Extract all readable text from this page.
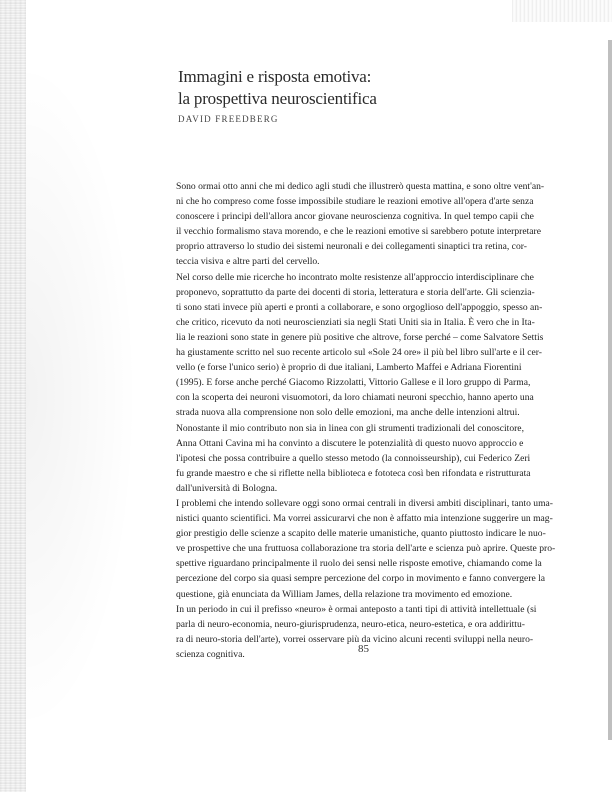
Immagini e risposta emotiva:
la prospettiva neuroscientifica
DAVID FREEDBERG
Sono ormai otto anni che mi dedico agli studi che illustrerò questa mattina, e sono oltre vent'an-
ni che ho compreso come fosse impossibile studiare le reazioni emotive all'opera d'arte senza
conoscere i principi dell'allora ancor giovane neuroscienza cognitiva. In quel tempo capii che
il vecchio formalismo stava morendo, e che le reazioni emotive si sarebbero potute interpretare
proprio attraverso lo studio dei sistemi neuronali e dei collegamenti sinaptici tra retina, cor-
teccia visiva e altre parti del cervello.
Nel corso delle mie ricerche ho incontrato molte resistenze all'approccio interdisciplinare che
proponevo, soprattutto da parte dei docenti di storia, letteratura e storia dell'arte. Gli scienzia-
ti sono stati invece più aperti e pronti a collaborare, e sono orgoglioso dell'appoggio, spesso an-
che critico, ricevuto da noti neuroscienziati sia negli Stati Uniti sia in Italia. È vero che in Ita-
lia le reazioni sono state in genere più positive che altrove, forse perché – come Salvatore Settis
ha giustamente scritto nel suo recente articolo sul «Sole 24 ore» il più bel libro sull'arte e il cer-
vello (e forse l'unico serio) è proprio di due italiani, Lamberto Maffei e Adriana Fiorentini
(1995). E forse anche perché Giacomo Rizzolatti, Vittorio Gallese e il loro gruppo di Parma,
con la scoperta dei neuroni visuomotori, da loro chiamati neuroni specchio, hanno aperto una
strada nuova alla comprensione non solo delle emozioni, ma anche delle intenzioni altrui.
Nonostante il mio contributo non sia in linea con gli strumenti tradizionali del conoscitore,
Anna Ottani Cavina mi ha convinto a discutere le potenzialità di questo nuovo approccio e
l'ipotesi che possa contribuire a quello stesso metodo (la connoisseurship), cui Federico Zeri
fu grande maestro e che si riflette nella biblioteca e fototeca così ben rifondata e ristrutturata
dall'università di Bologna.
I problemi che intendo sollevare oggi sono ormai centrali in diversi ambiti disciplinari, tanto uma-
nistici quanto scientifici. Ma vorrei assicurarvi che non è affatto mia intenzione suggerire un mag-
gior prestigio delle scienze a scapito delle materie umanistiche, quanto piuttosto indicare le nuo-
ve prospettive che una fruttuosa collaborazione tra storia dell'arte e scienza può aprire. Queste pro-
spettive riguardano principalmente il ruolo dei sensi nelle risposte emotive, chiamando come la
percezione del corpo sia quasi sempre percezione del corpo in movimento e fanno convergere la
questione, già enunciata da William James, della relazione tra movimento ed emozione.
In un periodo in cui il prefisso «neuro» è ormai anteposto a tanti tipi di attività intellettuale (si
parla di neuro-economia, neuro-giurisprudenza, neuro-etica, neuro-estetica, e ora addirittu-
ra di neuro-storia dell'arte), vorrei osservare più da vicino alcuni recenti sviluppi nella neuro-
scienza cognitiva.	85
